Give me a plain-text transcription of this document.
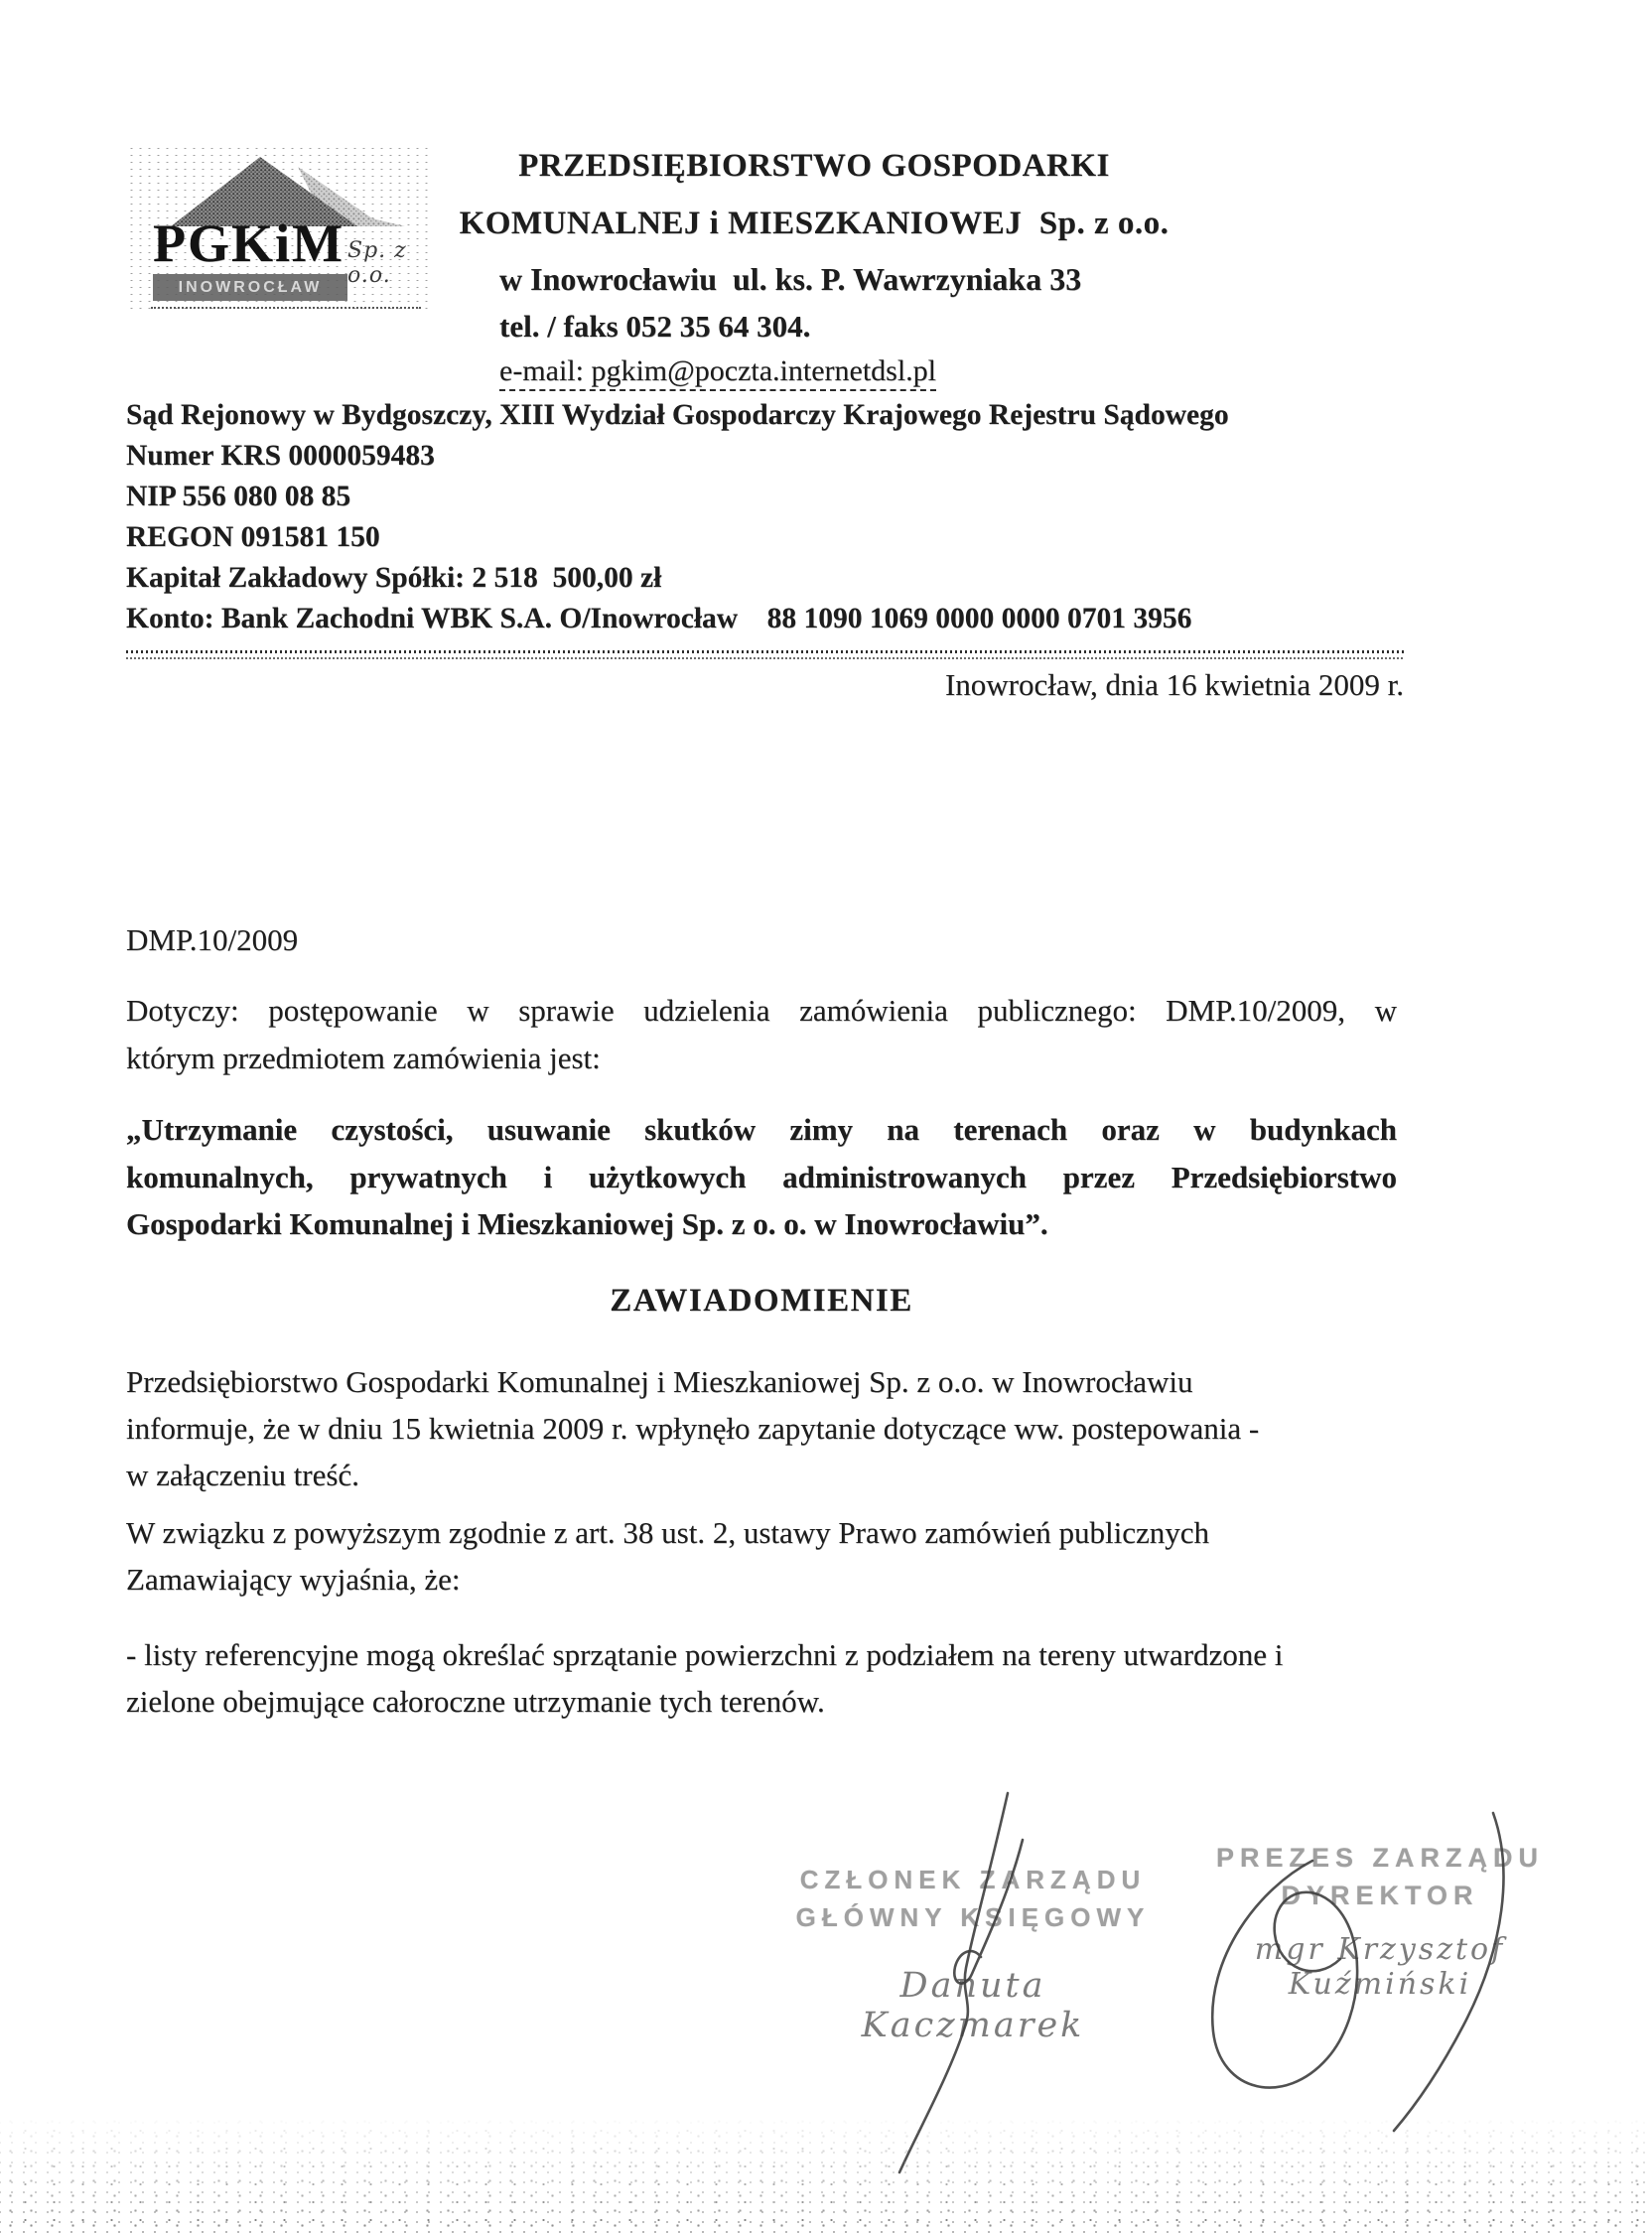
PGKiM Sp. z o.o.
INOWROCŁAW
PRZEDSIĘBIORSTWO GOSPODARKI
KOMUNALNEJ i MIESZKANIOWEJ  Sp. z o.o.
w Inowrocławiu  ul. ks. P. Wawrzyniaka 33
tel. / faks 052 35 64 304.
e-mail: pgkim@poczta.internetdsl.pl
Sąd Rejonowy w Bydgoszczy, XIII Wydział Gospodarczy Krajowego Rejestru Sądowego
Numer KRS 0000059483
NIP 556 080 08 85
REGON 091581 150
Kapitał Zakładowy Spółki: 2 518  500,00 zł
Konto: Bank Zachodni WBK S.A. O/Inowrocław    88 1090 1069 0000 0000 0701 3956
Inowrocław, dnia 16 kwietnia 2009 r.
DMP.10/2009
Dotyczy: postępowanie w sprawie udzielenia zamówienia publicznego: DMP.10/2009, w
którym przedmiotem zamówienia jest:
„Utrzymanie czystości, usuwanie skutków zimy na terenach oraz w budynkach
komunalnych, prywatnych i użytkowych administrowanych przez Przedsiębiorstwo
Gospodarki Komunalnej i Mieszkaniowej Sp. z o. o. w Inowrocławiu”.
ZAWIADOMIENIE
Przedsiębiorstwo Gospodarki Komunalnej i Mieszkaniowej Sp. z o.o. w Inowrocławiu
informuje, że w dniu 15 kwietnia 2009 r. wpłynęło zapytanie dotyczące ww. postepowania -
w załączeniu treść.
W związku z powyższym zgodnie z art. 38 ust. 2, ustawy Prawo zamówień publicznych
Zamawiający wyjaśnia, że:
- listy referencyjne mogą określać sprzątanie powierzchni z podziałem na tereny utwardzone i
zielone obejmujące całoroczne utrzymanie tych terenów.
CZŁONEK ZARZĄDU
GŁÓWNY KSIĘGOWY
Danuta Kaczmarek
PREZES ZARZĄDU
DYREKTOR
mgr Krzysztof Kuźmiński
